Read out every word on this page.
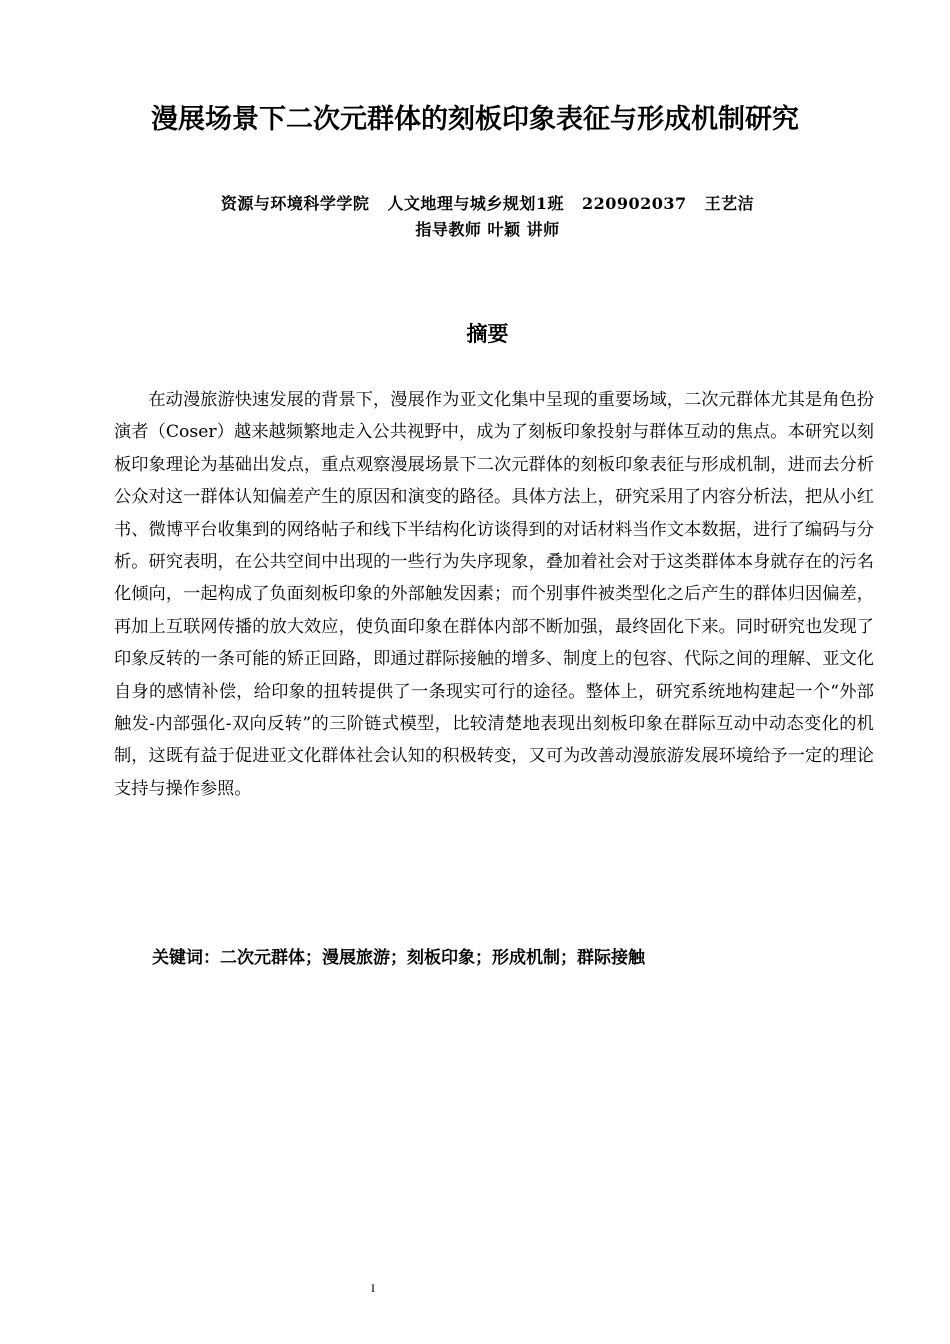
漫展场景下二次元群体的刻板印象表征与形成机制研究
资源与环境科学学院 人文地理与城乡规划1班 220902037 王艺洁
指导教师 叶颖 讲师
摘要
在动漫旅游快速发展的背景下，漫展作为亚文化集中呈现的重要场域，二次元群体尤其是角色扮演者（Coser）越来越频繁地走入公共视野中，成为了刻板印象投射与群体互动的焦点。本研究以刻板印象理论为基础出发点，重点观察漫展场景下二次元群体的刻板印象表征与形成机制，进而去分析公众对这一群体认知偏差产生的原因和演变的路径。具体方法上，研究采用了内容分析法，把从小红书、微博平台收集到的网络帖子和线下半结构化访谈得到的对话材料当作文本数据，进行了编码与分析。研究表明，在公共空间中出现的一些行为失序现象，叠加着社会对于这类群体本身就存在的污名化倾向，一起构成了负面刻板印象的外部触发因素；而个别事件被类型化之后产生的群体归因偏差，再加上互联网传播的放大效应，使负面印象在群体内部不断加强，最终固化下来。同时研究也发现了印象反转的一条可能的矫正回路，即通过群际接触的增多、制度上的包容、代际之间的理解、亚文化自身的感情补偿，给印象的扭转提供了一条现实可行的途径。整体上，研究系统地构建起一个“外部触发-内部强化-双向反转”的三阶链式模型，比较清楚地表现出刻板印象在群际互动中动态变化的机制，这既有益于促进亚文化群体社会认知的积极转变，又可为改善动漫旅游发展环境给予一定的理论支持与操作参照。
关键词：二次元群体；漫展旅游；刻板印象；形成机制；群际接触
I
